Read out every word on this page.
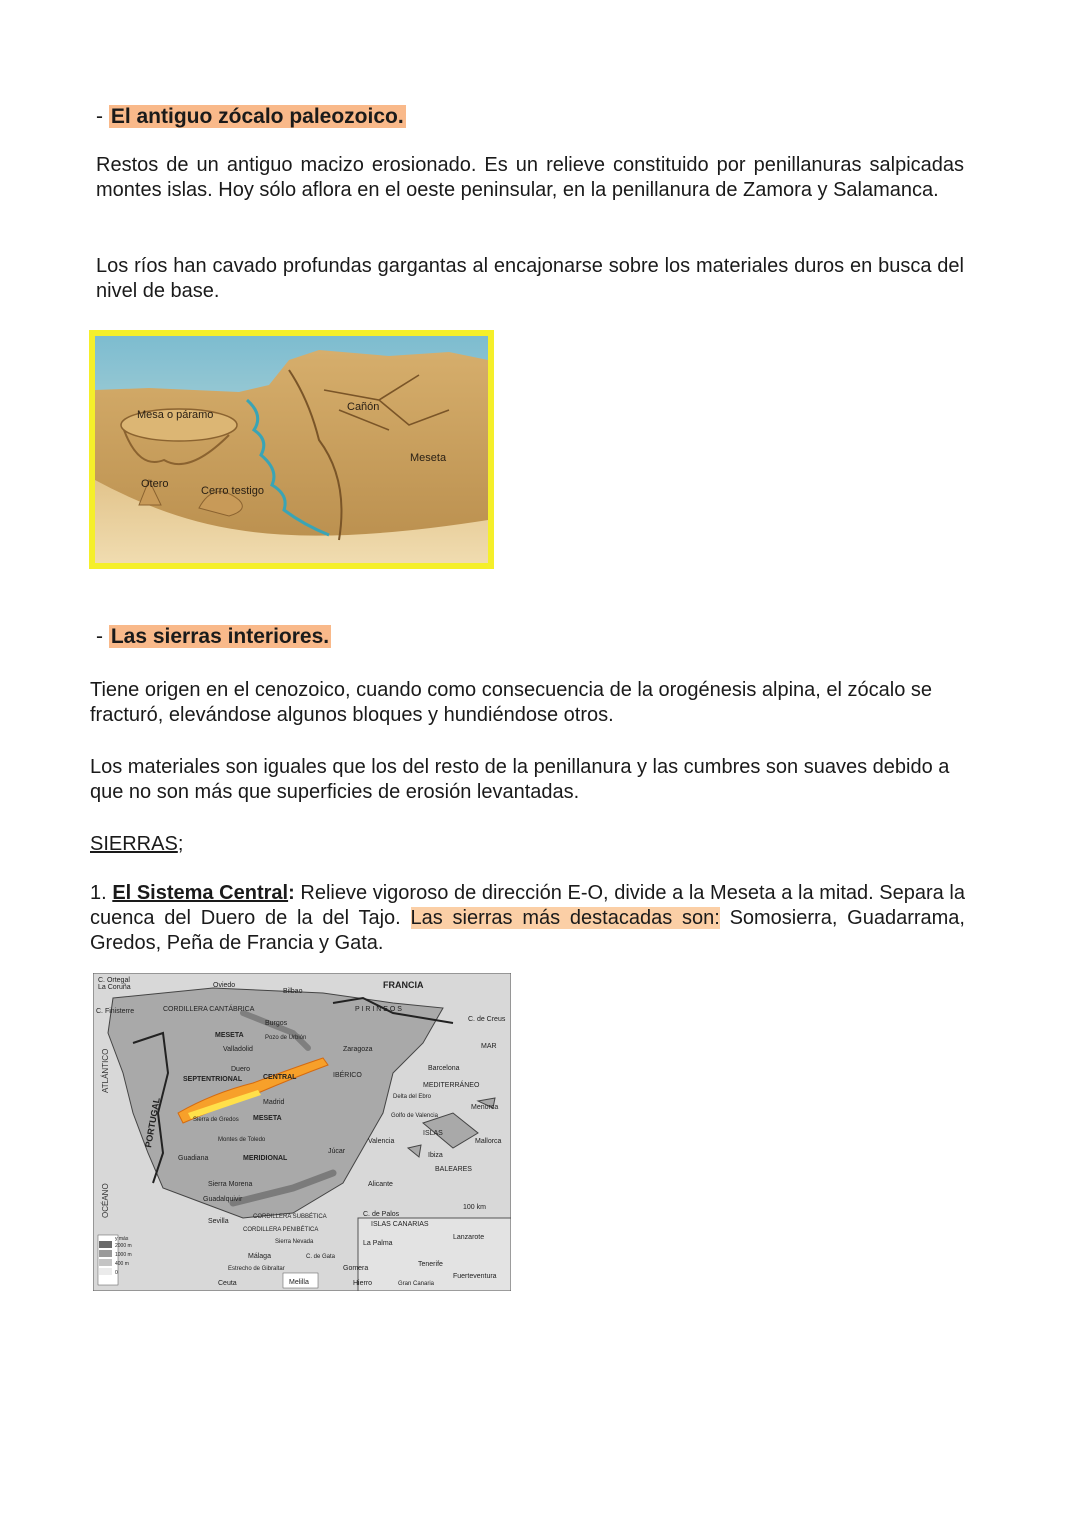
- El antiguo zócalo paleozoico.
Restos de un antiguo macizo erosionado. Es un relieve constituido por penillanuras salpicadas montes islas. Hoy sólo aflora en el oeste peninsular, en la penillanura de Zamora y Salamanca.
Los ríos han cavado profundas gargantas al encajonarse sobre los materiales duros en busca del nivel de base.
Mesa o páramo
Cañón
Meseta
Otero
Cerro testigo
- Las sierras interiores.
Tiene origen en el cenozoico, cuando como consecuencia de la orogénesis alpina, el zócalo se fracturó, elevándose algunos bloques y hundiéndose otros.
Los materiales son iguales que los del resto de la penillanura y las cumbres son suaves debido a que no son más que superficies de erosión levantadas.
SIERRAS;
1. El Sistema Central: Relieve vigoroso de dirección E-O, divide a la Meseta a la mitad. Separa la cuenca del Duero de la del Tajo. Las sierras más destacadas son: Somosierra, Guadarrama, Gredos, Peña de Francia y Gata.
C. Ortegal
La Coruña	Oviedo
Bilbao
FRANCIA
C. Finisterre	CORDILLERA CANTÁBRICA	P I R I N E O S
C. de Creus
MAR
Burgos
Pozo de Urbión
MESETA
Valladolid	Zaragoza
Duero
SEPTENTRIONAL	CENTRAL	IBÉRICO
Barcelona
MEDITERRÁNEO
Sierra de Gredos
Madrid
MESETA
Delta del Ebro
Golfo de Valencia
Menorca
Montes de Toledo	Valencia
ISLAS
Mallorca
MERIDIONAL
Júcar
Ibiza
BALEARES
Guadiana
Sierra Morena	Alicante
Guadalquivir
100 km
Sevilla
CORDILLERA SUBBÉTICA	C. de Palos
ISLAS CANARIAS
Lanzarote
CORDILLERA PENIBÉTICA
Sierra Nevada	La Palma
Málaga	C. de Gata
Tenerife
Gomera
Fuerteventura
Estrecho de Gibraltar
Ceuta	Melilla	Hierro	Gran Canaria
y más
2000 m
1000 m
400 m
0
ATLÁNTICO
PORTUGAL
OCÉANO
